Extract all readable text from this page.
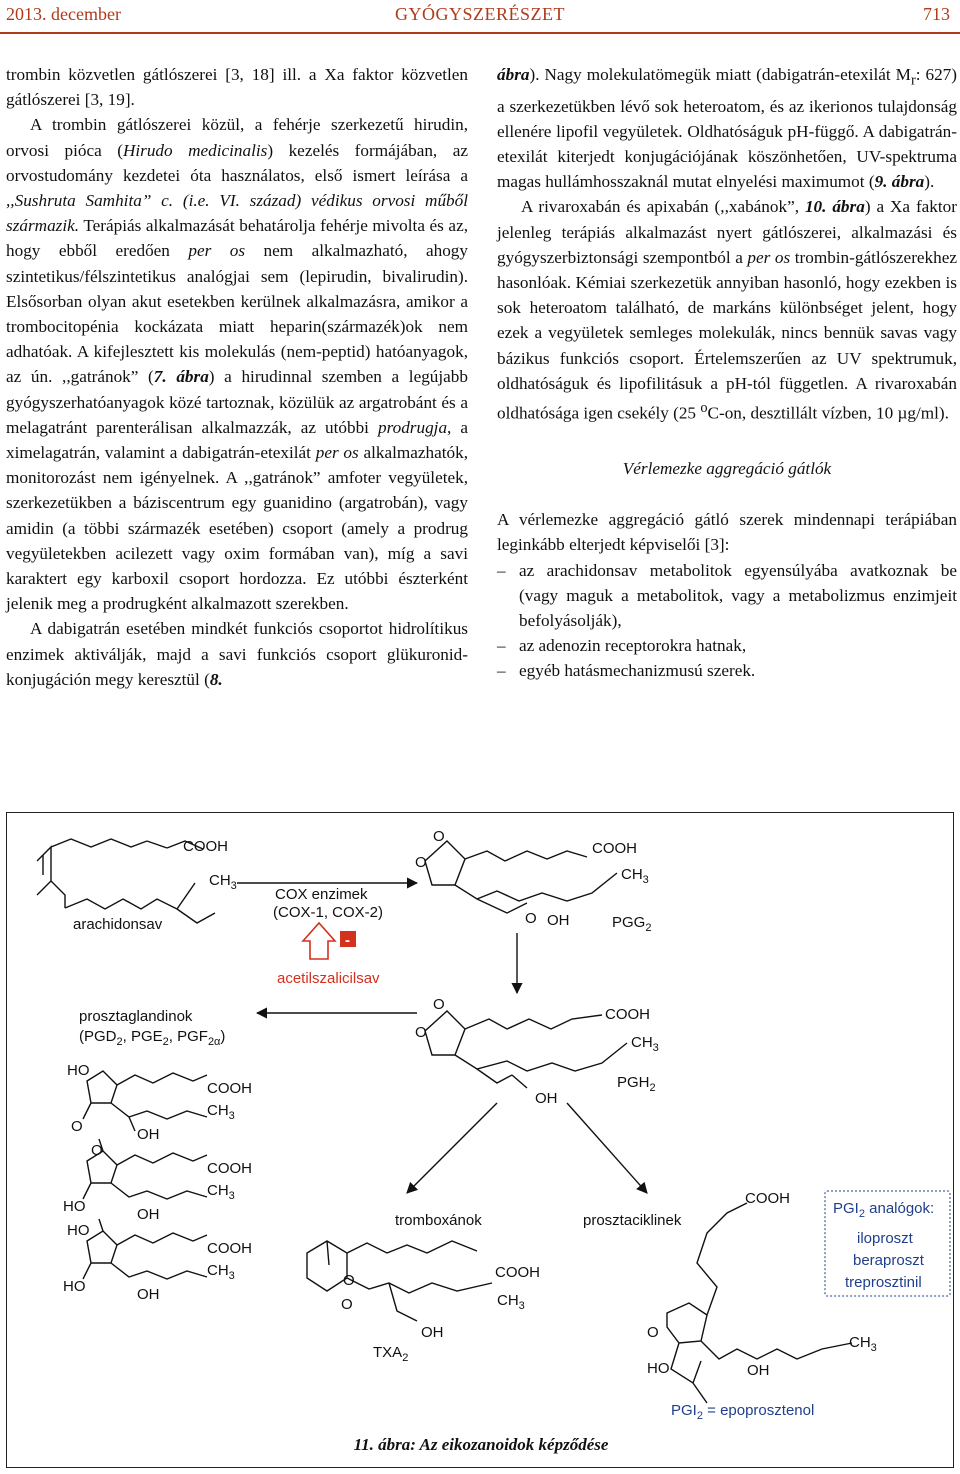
2013. december	GYÓGYSZERÉSZET	713

trombin közvetlen gátlószerei [3, 18] ill. a Xa faktor közvetlen gátlószerei [3, 19].

A trombin gátlószerei közül, a fehérje szerkezetű hirudin, orvosi pióca (Hirudo medicinalis) kezelés formájában, az orvostudomány kezdetei óta használatos, első ismert leírása a ,,Sushruta Samhita” c. (i.e. VI. század) védikus orvosi műből származik. Terápiás alkalmazását behatárolja fehérje mivolta és az, hogy ebből eredően per os nem alkalmazható, ahogy szintetikus/félszintetikus analógjai sem (lepirudin, bivalirudin). Elsősorban olyan akut esetekben kerülnek alkalmazásra, amikor a trombocitopénia kockázata miatt heparin(származék)ok nem adhatóak. A kifejlesztett kis molekulás (nem-peptid) hatóanyagok, az ún. ,,gatránok” (7. ábra) a hirudinnal szemben a legújabb gyógyszerhatóanyagok közé tartoznak, közülük az argatrobánt és a melagatránt parenterálisan alkalmazzák, az utóbbi prodrugja, a ximelagatrán, valamint a dabigatrán-etexilát per os alkalmazhatók, monitorozást nem igényelnek. A ,,gatránok” amfoter vegyületek, szerkezetükben a báziscentrum egy guanidino (argatrobán), vagy amidin (a többi származék esetében) csoport (amely a prodrug vegyületekben acilezett vagy oxim formában van), míg a savi karaktert egy karboxil csoport hordozza. Ez utóbbi észterként jelenik meg a prodrugként alkalmazott szerekben.

A dabigatrán esetében mindkét funkciós csoportot hidrolítikus enzimek aktiválják, majd a savi funkciós csoport glükuronid-konjugáción megy keresztül (8.

ábra). Nagy molekulatömegük miatt (dabigatrán-etexilát $M_r$: 627) a szerkezetükben lévő sok heteroatom, és az ikerionos tulajdonság ellenére lipofil vegyületek. Oldhatóságuk pH-függő. A dabigatrán-etexilát kiterjedt konjugációjának köszönhetően, UV-spektruma magas hullámhosszaknál mutat elnyelési maximumot (9. ábra).

A rivaroxabán és apixabán (,,xabánok”, 10. ábra) a Xa faktor jelenleg terápiás alkalmazást nyert gátlószerei, alkalmazási és gyógyszerbiztonsági szempontból a per os trombin-gátlószerekhez hasonlóak. Kémiai szerkezetük annyiban hasonló, hogy ezekben is sok heteroatom található, de markáns különbséget jelent, hogy ezek a vegyületek semleges molekulák, nincs bennük savas vagy bázikus funkciós csoport. Értelemszerűen az UV spektrumuk, oldhatóságuk és lipofilitásuk a pH-tól független. A rivaroxabán oldhatósága igen csekély (25 $^o$C-on, desztillált vízben, 10 µg/ml).

Vérlemezke aggregáció gátlók

A vérlemezke aggregáció gátló szerek mindennapi terápiában leginkább elterjedt képviselői [3]:

– az arachidonsav metabolitok egyensúlyába avatkoznak be (vagy maguk a metabolitok, vagy a metabolizmus enzimjeit befolyásolják),
– az adenozin receptorokra hatnak,
– egyéb hatásmechanizmusú szerek.
arachidonsav
COOH
$CH_3$	COX enzimek
(COX-1, COX-2)
-
acetilszalicilsav
O
O
COOH
$CH_3$
O OH	$PGG_2$
O
O
COOH
$CH_3$
OH
$PGH_2$
prosztaglandinok
($PGD_2$, $PGE_2$, $PGF_{2\alpha}$)
HO
COOH
$CH_3$
O	OH
O
COOH
$CH_3$
HO	OH
HO
COOH
$CH_3$
HO	OH
tromboxánok
O
O
COOH
$CH_3$
OH
$TXA_2$
prosztaciklinek
COOH
O
$CH_3$
HO	OH
$PGI_2$ analógok:
iloproszt
beraproszt
treprosztinil
$PGI_2$ = epoprosztenol
11. ábra: Az eikozanoidok képződése
